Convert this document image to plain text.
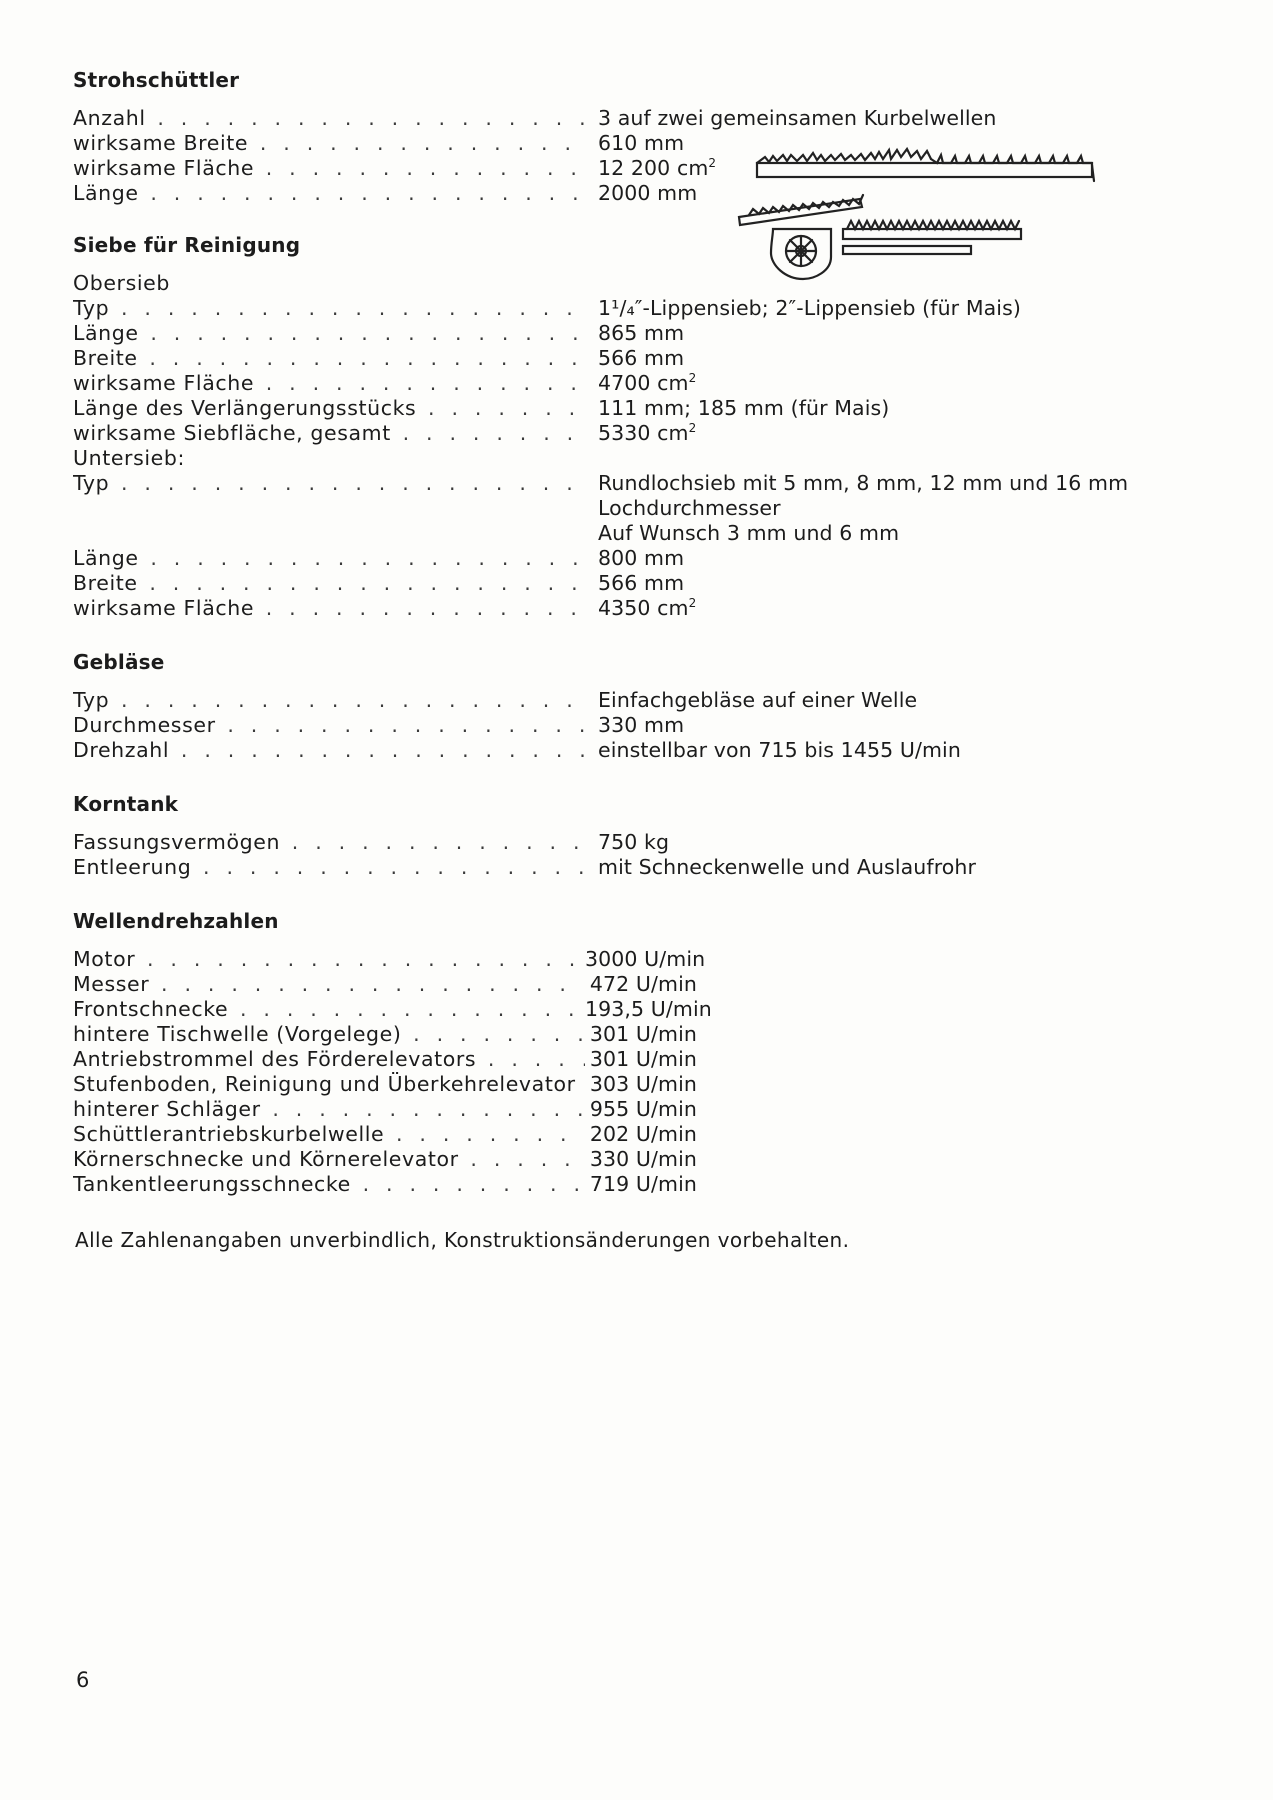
Strohschüttler
Anzahl . . .	3 auf zwei gemeinsamen Kurbelwellen
wirksame Breite . . .	610 mm
wirksame Fläche . . .	12 200 $cm^2$
Länge . . .	2000 mm
Siebe für Reinigung
Obersieb
Typ . . .	1¹/₄″-Lippensieb; 2″-Lippensieb (für Mais)
Länge . . .	865 mm
Breite . . .	566 mm
wirksame Fläche . . .	4700 $cm^2$
Länge des Verlängerungsstücks . . .	111 mm; 185 mm (für Mais)
wirksame Siebfläche, gesamt . . .	5330 $cm^2$
Untersieb:
Typ . . .	Rundlochsieb mit 5 mm, 8 mm, 12 mm und 16 mm
Lochdurchmesser
Auf Wunsch 3 mm und 6 mm
Länge . . .	800 mm
Breite . . .	566 mm
wirksame Fläche . . .	4350 $cm^2$
Gebläse
Typ . . .	Einfachgebläse auf einer Welle
Durchmesser . . .	330 mm
Drehzahl . . .	einstellbar von 715 bis 1455 U/min
Korntank
Fassungsvermögen . . .	750 kg
Entleerung . . .	mit Schneckenwelle und Auslaufrohr
Wellendrehzahlen
Motor . . .	3000 U/min
Messer . . .	472 U/min
Frontschnecke . . .	193,5 U/min
hintere Tischwelle (Vorgelege) . . .	301 U/min
Antriebstrommel des Förderelevators . . .	301 U/min
Stufenboden, Reinigung und Überkehrelevator . . . 303 U/min
hinterer Schläger . . .	955 U/min
Schüttlerantriebskurbelwelle . . .	202 U/min
Körnerschnecke und Körnerelevator . . .	330 U/min
Tankentleerungsschnecke . . .	719 U/min
Alle Zahlenangaben unverbindlich, Konstruktionsänderungen vorbehalten.
6
